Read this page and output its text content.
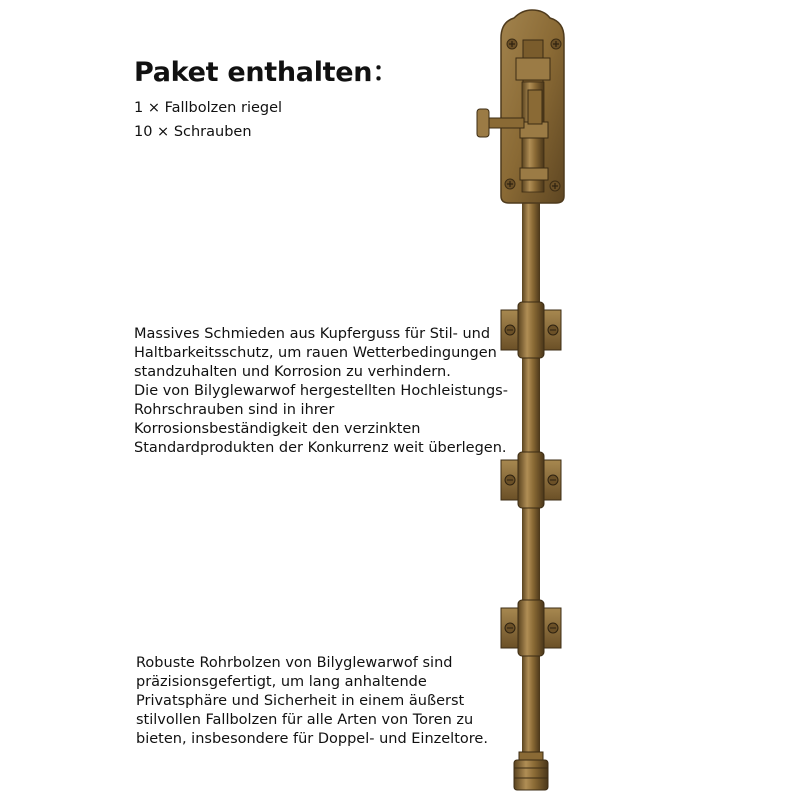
Paket enthalten：
1 × Fallbolzen riegel
10 × Schrauben
Massives Schmieden aus Kupferguss für Stil- und
Haltbarkeitsschutz, um rauen Wetterbedingungen
standzuhalten und Korrosion zu verhindern.
Die von Bilyglewarwof hergestellten Hochleistungs-
Rohrschrauben sind in ihrer
Korrosionsbeständigkeit den verzinkten
Standardprodukten der Konkurrenz weit überlegen.
Robuste Rohrbolzen von Bilyglewarwof sind
präzisionsgefertigt, um lang anhaltende
Privatsphäre und Sicherheit in einem äußerst
stilvollen Fallbolzen für alle Arten von Toren zu
bieten, insbesondere für Doppel- und Einzeltore.
